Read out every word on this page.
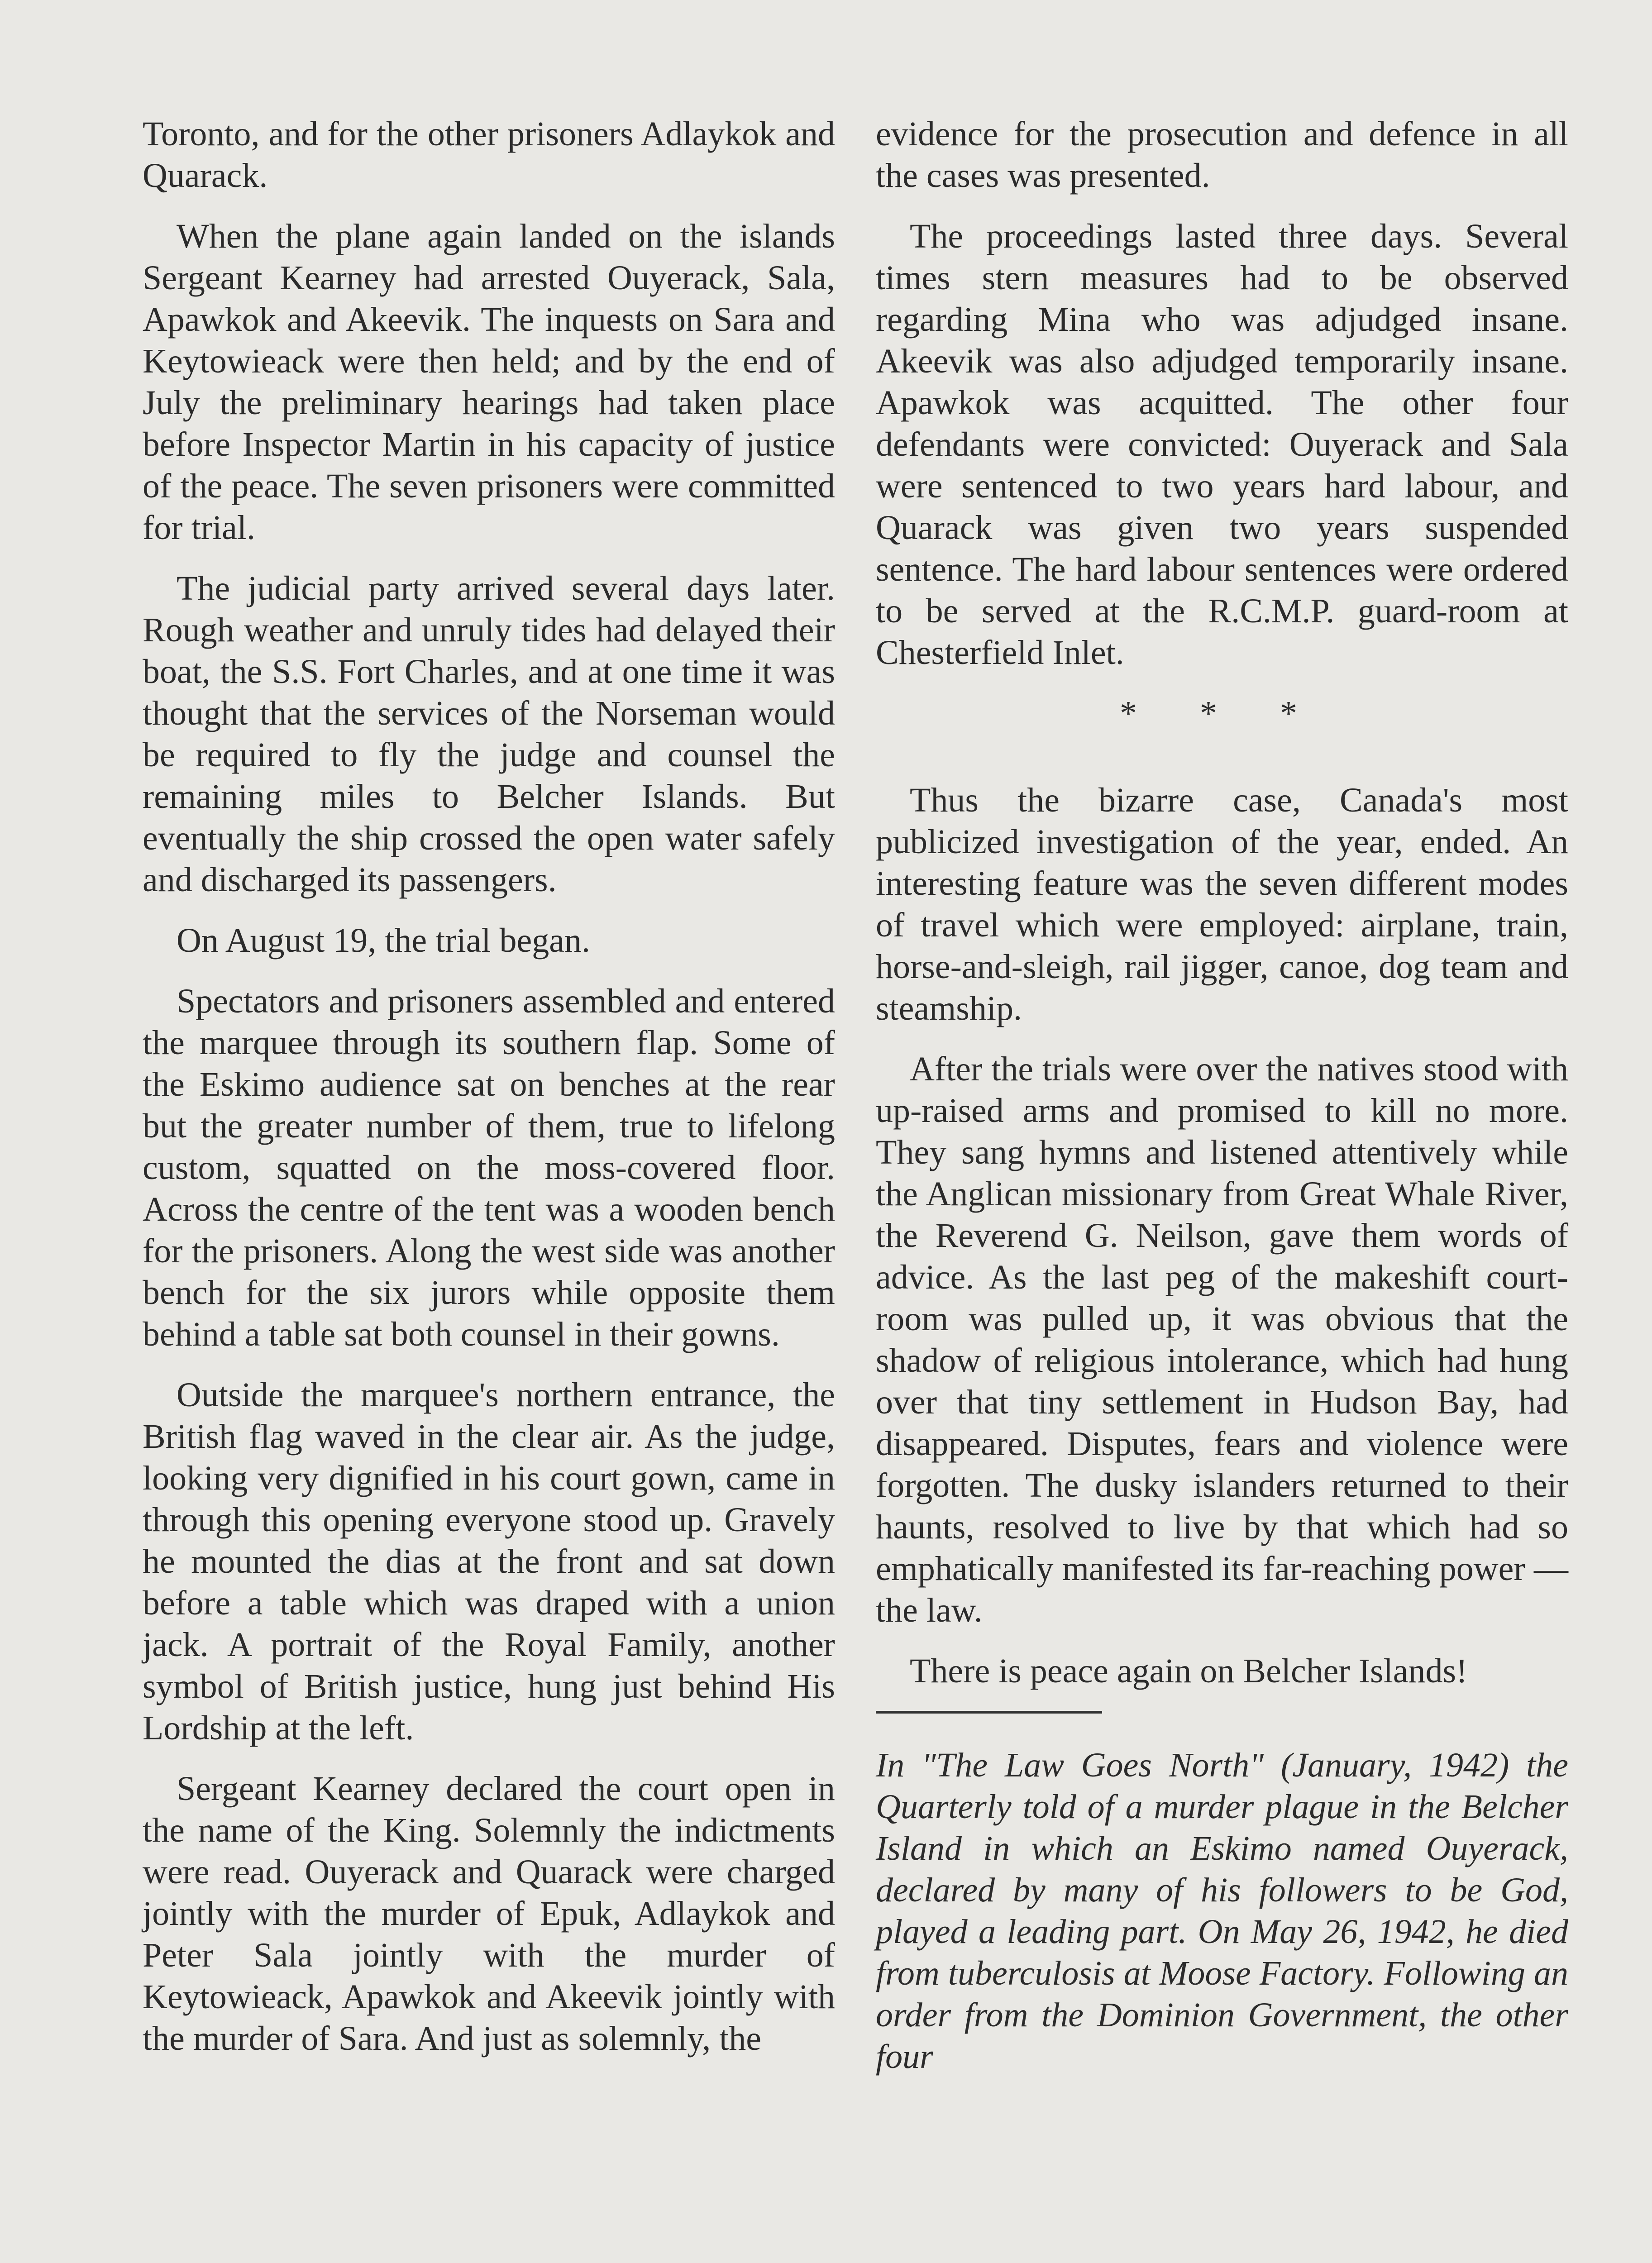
Toronto, and for the other prisoners Adlaykok and Quarack.

When the plane again landed on the islands Sergeant Kearney had arrested Ouyerack, Sala, Apawkok and Akeevik. The inquests on Sara and Keytowieack were then held; and by the end of July the preliminary hearings had taken place before Inspector Martin in his capacity of justice of the peace. The seven prisoners were committed for trial.

The judicial party arrived several days later. Rough weather and unruly tides had delayed their boat, the S.S. Fort Charles, and at one time it was thought that the services of the Norseman would be required to fly the judge and counsel the remaining miles to Belcher Islands. But eventually the ship crossed the open water safely and discharged its passengers.

On August 19, the trial began.

Spectators and prisoners assembled and entered the marquee through its southern flap. Some of the Eskimo audience sat on benches at the rear but the greater number of them, true to lifelong custom, squatted on the moss-covered floor. Across the centre of the tent was a wooden bench for the prisoners. Along the west side was another bench for the six jurors while opposite them behind a table sat both counsel in their gowns.

Outside the marquee's northern entrance, the British flag waved in the clear air. As the judge, looking very dignified in his court gown, came in through this opening everyone stood up. Gravely he mounted the dias at the front and sat down before a table which was draped with a union jack. A portrait of the Royal Family, another symbol of British justice, hung just behind His Lordship at the left.

Sergeant Kearney declared the court open in the name of the King. Solemnly the indictments were read. Ouyerack and Quarack were charged jointly with the murder of Epuk, Adlaykok and Peter Sala jointly with the murder of Keytowieack, Apawkok and Akeevik jointly with the murder of Sara. And just as solemnly, the

evidence for the prosecution and defence in all the cases was presented.

The proceedings lasted three days. Several times stern measures had to be observed regarding Mina who was adjudged insane. Akeevik was also adjudged temporarily insane. Apawkok was acquitted. The other four defendants were convicted: Ouyerack and Sala were sentenced to two years hard labour, and Quarack was given two years suspended sentence. The hard labour sentences were ordered to be served at the R.C.M.P. guard-room at Chesterfield Inlet.

* * *

Thus the bizarre case, Canada's most publicized investigation of the year, ended. An interesting feature was the seven different modes of travel which were employed: airplane, train, horse-and-sleigh, rail jigger, canoe, dog team and steamship.

After the trials were over the natives stood with up-raised arms and promised to kill no more. They sang hymns and listened attentively while the Anglican missionary from Great Whale River, the Reverend G. Neilson, gave them words of advice. As the last peg of the makeshift court-room was pulled up, it was obvious that the shadow of religious intolerance, which had hung over that tiny settlement in Hudson Bay, had disappeared. Disputes, fears and violence were forgotten. The dusky islanders returned to their haunts, resolved to live by that which had so emphatically manifested its far-reaching power — the law.

There is peace again on Belcher Islands!

In "The Law Goes North" (January, 1942) the Quarterly told of a murder plague in the Belcher Island in which an Eskimo named Ouyerack, declared by many of his followers to be God, played a leading part. On May 26, 1942, he died from tuberculosis at Moose Factory. Following an order from the Dominion Government, the other four
